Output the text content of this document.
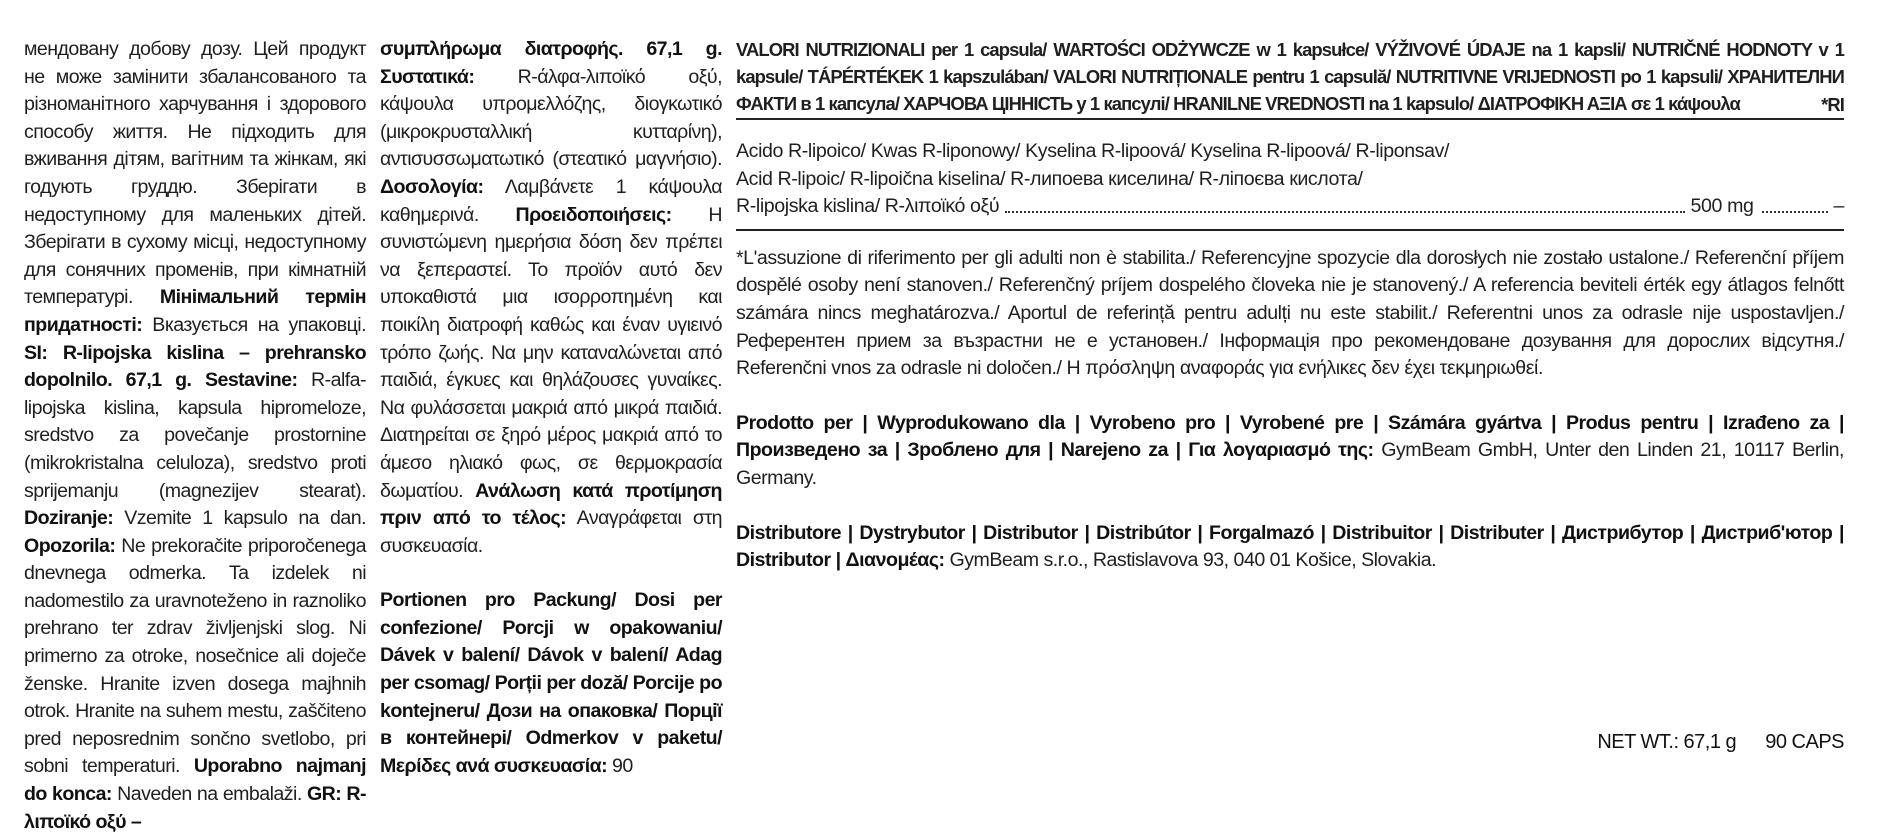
мендовану добову дозу. Цей продукт не може замінити збалансованого та різноманітного харчування і здорового способу життя. Не підходить для вживання дітям, вагітним та жінкам, які годують груддю. Зберігати в недоступному для маленьких дітей. Зберігати в сухому місці, недоступному для сонячних променів, при кімнатній температурі. Мінімальний термін придатності: Вказується на упаковці. SI: R-lipojska kislina – prehransko dopolnilo. 67,1 g. Sestavine: R-alfa-lipojska kislina, kapsula hipromeloze, sredstvo za povečanje prostornine (mikrokristalna celuloza), sredstvo proti sprijemanju (magnezijev stearat). Doziranje: Vzemite 1 kapsulo na dan. Opozorila: Ne prekoračite priporočenega dnevnega odmerka. Ta izdelek ni nadomestilo za uravnoteženo in raznoliko prehrano ter zdrav življenjski slog. Ni primerno za otroke, nosečnice ali doječe ženske. Hranite izven dosega majhnih otrok. Hranite na suhem mestu, zaščiteno pred neposrednim sončno svetlobo, pri sobni temperaturi. Uporabno najmanj do konca: Naveden na embalaži. GR: R-λιποϊκό οξύ –
συμπλήρωμα διατροφής. 67,1 g. Συστατικά: R-άλφα-λιποϊκό οξύ, κάψουλα υπρομελλόζης, διογκωτικό (μικροκρυσταλλική κυτταρίνη), αντισυσσωματωτικό (στεατικό μαγνήσιο). Δοσολογία: Λαμβάνετε 1 κάψουλα καθημερινά. Προειδοποιήσεις: Η συνιστώμενη ημερήσια δόση δεν πρέπει να ξεπεραστεί. Το προϊόν αυτό δεν υποκαθιστά μια ισορροπημένη και ποικίλη διατροφή καθώς και έναν υγιεινό τρόπο ζωής. Να μην καταναλώνεται από παιδιά, έγκυες και θηλάζουσες γυναίκες. Να φυλάσσεται μακριά από μικρά παιδιά. Διατηρείται σε ξηρό μέρος μακριά από το άμεσο ηλιακό φως, σε θερμοκρασία δωματίου. Ανάλωση κατά προτίμηση πριν από το τέλος: Αναγράφεται στη συσκευασία.
Portionen pro Packung/ Dosi per confezione/ Porcji w opakowaniu/ Dávek v balení/ Dávok v balení/ Adag per csomag/ Porții per doză/ Porcije po kontejneru/ Дози на опаковка/ Порції в контейнері/ Odmerkov v paketu/ Μερίδες ανά συσκευασία: 90
VALORI NUTRIZIONALI per 1 capsula/ WARTOŚCI ODŻYWCZE w 1 kapsułce/ VÝŽIVOVÉ ÚDAJE na 1 kapsli/ NUTRIČNÉ HODNOTY v 1 kapsule/ TÁPÉRTÉKEK 1 kapszulában/ VALORI NUTRIȚIONALE pentru 1 capsulă/ NUTRITIVNE VRIJEDNOSTI po 1 kapsuli/ ХРАНИТЕЛНИ ФАКТИ в 1 капсула/ ХАРЧОВА ЦІННІСТЬ у 1 капсулі/ HRANILNE VREDNOSTI na 1 kapsulo/ ΔΙΑΤΡΟΦΙΚΗ ΑΞΙΑ σε 1 κάψουλα	*RI
Acido R-lipoico/ Kwas R-liponowy/ Kyselina R-lipoová/ Kyselina R-lipoová/ R-liponsav/
Acid R-lipoic/ R-lipoična kiselina/ R-липоева киселина/ R-ліпоєва кислота/
R-lipojska kislina/ R-λιποϊκό οξύ	500 mg	–
*L'assuzione di riferimento per gli adulti non è stabilita./ Referencyjne spozycie dla dorosłych nie zostało ustalone./ Referenční příjem dospělé osoby není stanoven./ Referenčný príjem dospelého človeka nie je stanovený./ A referencia beviteli érték egy átlagos felnőtt számára nincs meghatározva./ Aportul de referință pentru adulți nu este stabilit./ Referentni unos za odrasle nije uspostavljen./ Референтен прием за възрастни не е установен./ Інформація про рекомендоване дозування для дорослих відсутня./ Referenčni vnos za odrasle ni določen./ Η πρόσληψη αναφοράς για ενήλικες δεν έχει τεκμηριωθεί.
Prodotto per | Wyprodukowano dla | Vyrobeno pro | Vyrobené pre | Számára gyártva | Produs pentru | Izrađeno za | Произведено за | Зроблено для | Narejeno za | Για λογαριασμό της: GymBeam GmbH, Unter den Linden 21, 10117 Berlin, Germany.
Distributore | Dystrybutor | Distributor | Distribútor | Forgalmazó | Distribuitor | Distributer | Дистрибутор | Дистриб'ютор | Distributor | Διανομέας: GymBeam s.r.o., Rastislavova 93, 040 01 Košice, Slovakia.
NET WT.: 67,1 g 90 CAPS
